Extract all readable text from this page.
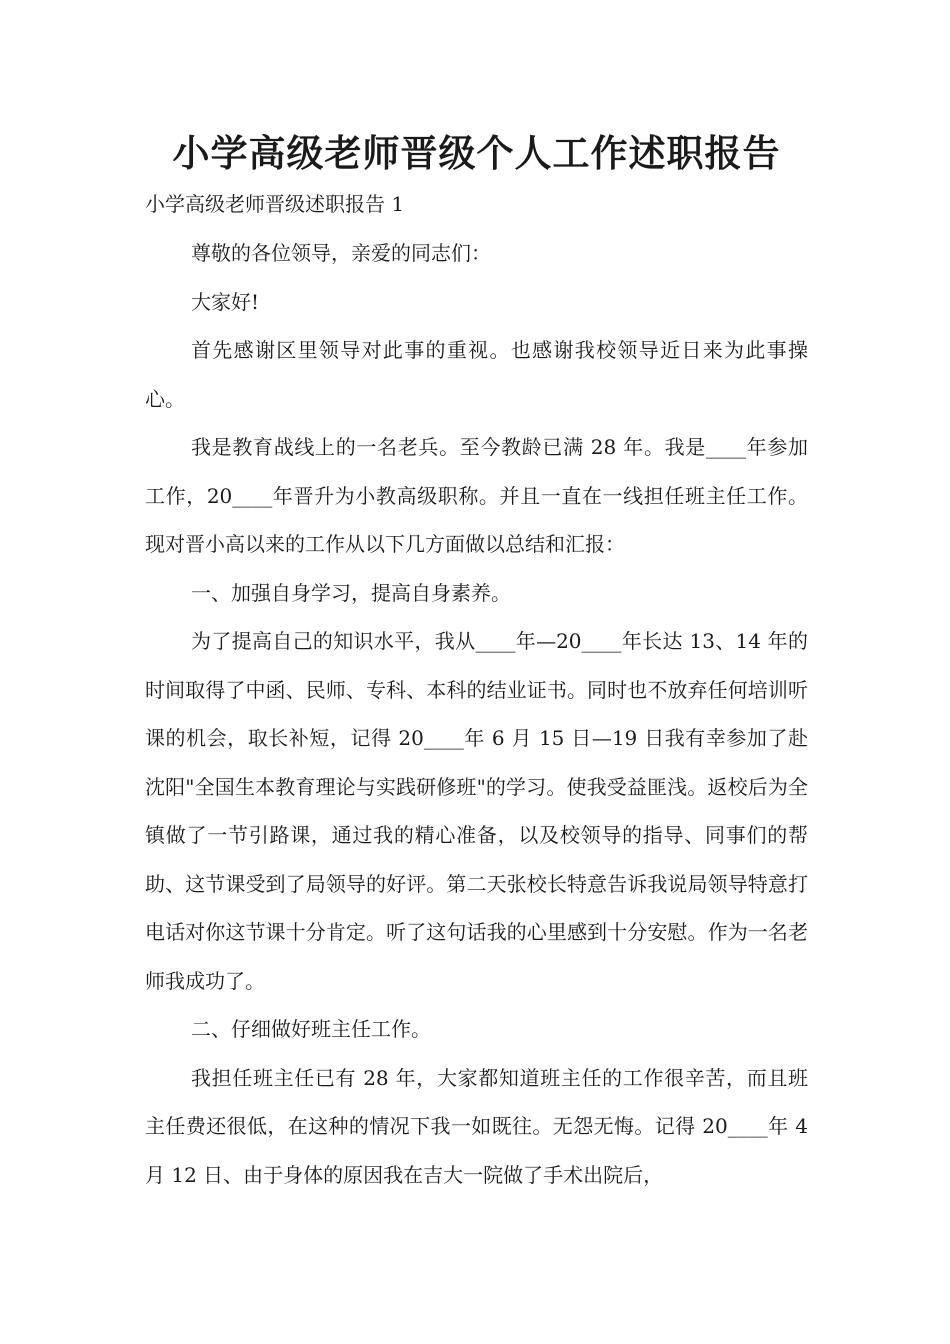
小学高级老师晋级个人工作述职报告

小学高级老师晋级述职报告 1

尊敬的各位领导，亲爱的同志们：

大家好!

首先感谢区里领导对此事的重视。也感谢我校领导近日来为此事操心。

我是教育战线上的一名老兵。至今教龄已满 28 年。我是____年参加工作，20____年晋升为小教高级职称。并且一直在一线担任班主任工作。现对晋小高以来的工作从以下几方面做以总结和汇报：

一、加强自身学习，提高自身素养。

为了提高自己的知识水平，我从____年—20____年长达 13、14 年的时间取得了中函、民师、专科、本科的结业证书。同时也不放弃任何培训听课的机会，取长补短，记得 20____年 6 月 15 日—19 日我有幸参加了赴沈阳"全国生本教育理论与实践研修班"的学习。使我受益匪浅。返校后为全镇做了一节引路课，通过我的精心准备，以及校领导的指导、同事们的帮助、这节课受到了局领导的好评。第二天张校长特意告诉我说局领导特意打电话对你这节课十分肯定。听了这句话我的心里感到十分安慰。作为一名老师我成功了。

二、仔细做好班主任工作。

我担任班主任已有 28 年，大家都知道班主任的工作很辛苦，而且班主任费还很低，在这种的情况下我一如既往。无怨无悔。记得 20____年 4 月 12 日、由于身体的原因我在吉大一院做了手术出院后，
